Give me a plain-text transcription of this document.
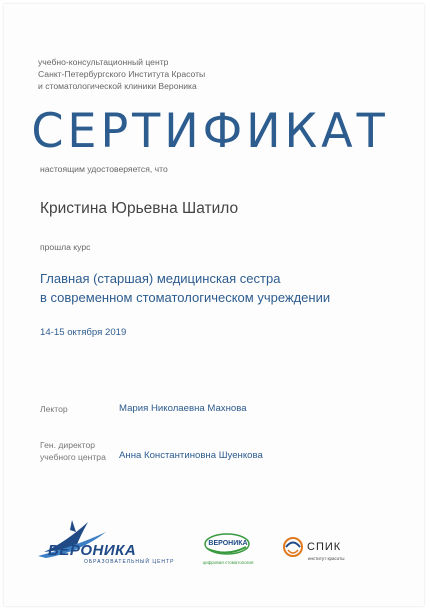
учебно-консультационный центр
Санкт-Петербургского Института Красоты
и стоматологической клиники Вероника
СЕРТИФИКАТ
настоящим удостоверяется, что
Кристина Юрьевна Шатило
прошла курс
Главная (старшая) медицинская сестра
в современном стоматологическом учреждении
14-15 октября 2019
Лектор	Мария Николаевна Махнова
Ген. директор
учебного центра Анна Константиновна Шуенкова
ВЕРОНИКА
ОБРАЗОВАТЕЛЬНЫЙ ЦЕНТР
ВЕРОНИКА
цифровая стоматология
СПИК
институт красоты
